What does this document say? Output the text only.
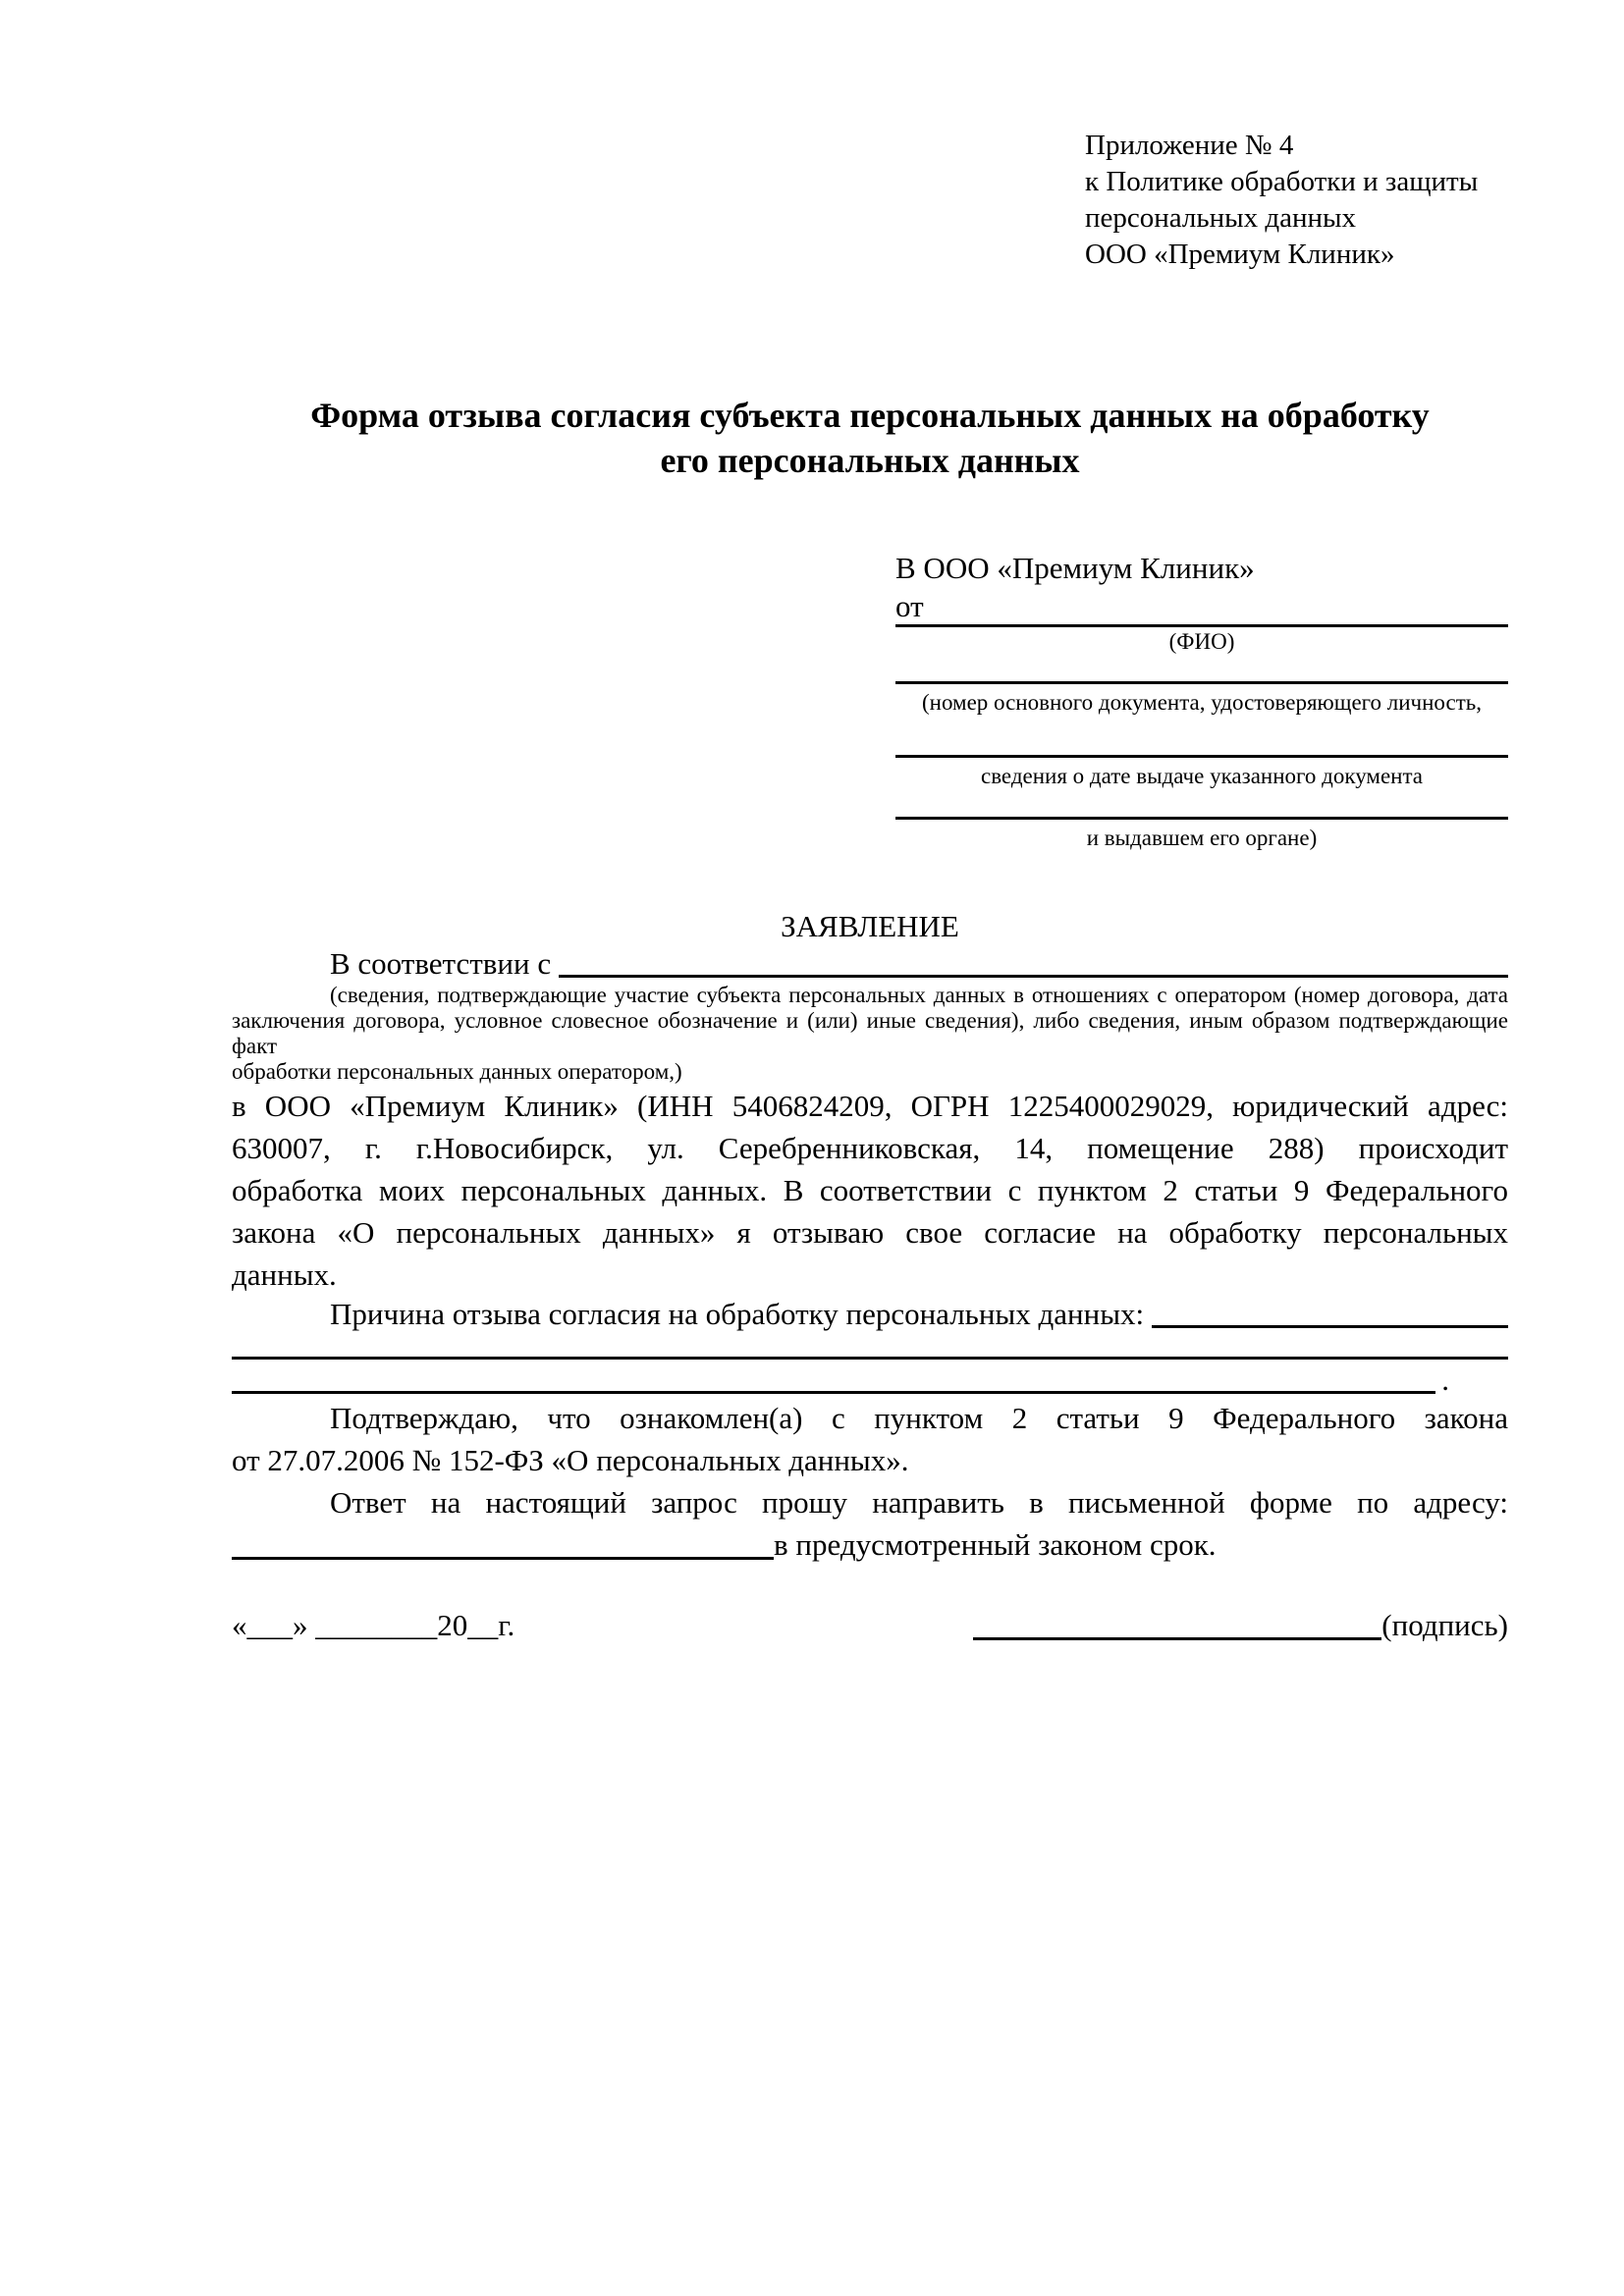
Приложение № 4
к Политике обработки и защиты
персональных данных
ООО «Премиум Клиник»
Форма отзыва согласия субъекта персональных данных на обработку
его персональных данных
В ООО «Премиум Клиник»
от
(ФИО)
(номер основного документа, удостоверяющего личность,
сведения о дате выдаче указанного документа
и выдавшем его органе)
ЗАЯВЛЕНИЕ
В соответствии с
(сведения, подтверждающие участие субъекта персональных данных в отношениях с оператором (номер договора, дата
заключения договора, условное словесное обозначение и (или) иные сведения), либо сведения, иным образом подтверждающие факт
обработки персональных данных оператором,)
в ООО «Премиум Клиник» (ИНН 5406824209, ОГРН 1225400029029, юридический адрес:
630007, г. г.Новосибирск, ул. Серебренниковская, 14, помещение 288) происходит
обработка моих персональных данных. В соответствии с пунктом 2 статьи 9 Федерального
закона «О персональных данных» я отзываю свое согласие на обработку персональных
данных.
Причина отзыва согласия на обработку персональных данных:
.
Подтверждаю, что ознакомлен(а) с пунктом 2 статьи 9 Федерального закона
от 27.07.2006 № 152-ФЗ «О персональных данных».
Ответ на настоящий запрос прошу направить в письменной форме по адресу:
в предусмотренный законом срок.
«___» ________20__г.	(подпись)
